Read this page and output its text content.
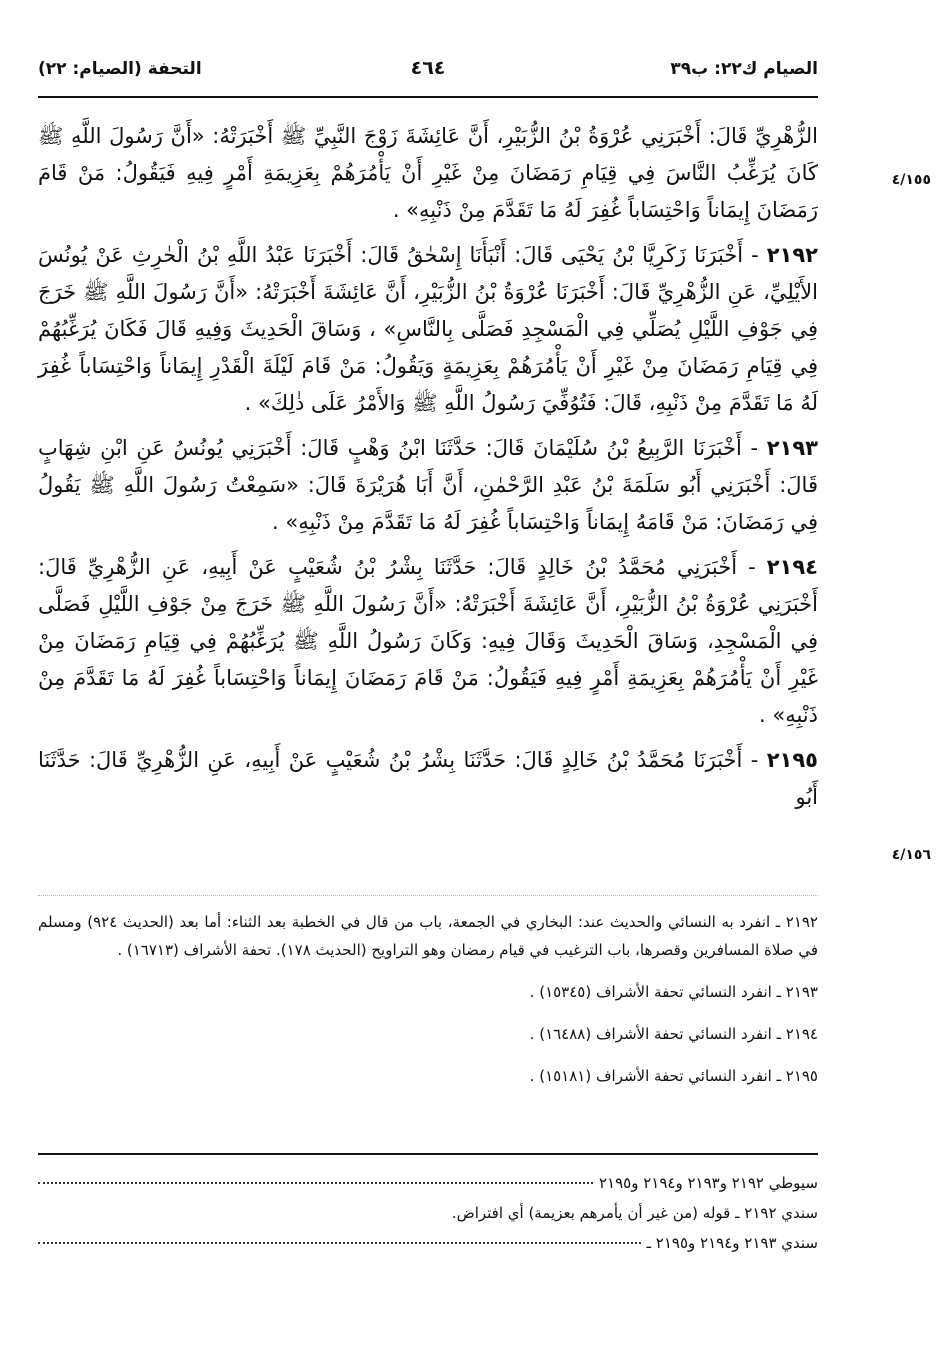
الصيام ك٢٢: ب٣٩
٤٦٤
التحفة (الصيام: ٢٢)
٤/١٥٥
٤/١٥٦

الزُّهْرِيِّ قَالَ: أَخْبَرَنِي عُرْوَةُ بْنُ الزُّبَيْرِ، أَنَّ عَائِشَةَ زَوْجَ النَّبِيِّ ﷺ أَخْبَرَتْهُ: «أَنَّ رَسُولَ اللَّهِ ﷺ كَانَ يُرَغِّبُ النَّاسَ فِي قِيَامِ رَمَضَانَ مِنْ غَيْرِ أَنْ يَأْمُرَهُمْ بِعَزِيمَةِ أَمْرٍ فِيهِ فَيَقُولُ: مَنْ قَامَ رَمَضَانَ إِيمَاناً وَاحْتِسَاباً غُفِرَ لَهُ مَا تَقَدَّمَ مِنْ ذَنْبِهِ» .

٢١٩٢ - أَخْبَرَنَا زَكَرِيَّا بْنُ يَحْيَى قَالَ: أَنْبَأَنَا إِسْحٰقُ قَالَ: أَخْبَرَنَا عَبْدُ اللَّهِ بْنُ الْحٰرِثِ عَنْ يُونُسَ الأَيْلِيِّ، عَنِ الزُّهْرِيِّ قَالَ: أَخْبَرَنَا عُرْوَةُ بْنُ الزُّبَيْرِ، أَنَّ عَائِشَةَ أَخْبَرَتْهُ: «أَنَّ رَسُولَ اللَّهِ ﷺ خَرَجَ فِي جَوْفِ اللَّيْلِ يُصَلِّي فِي الْمَسْجِدِ فَصَلَّى بِالنَّاسِ» ، وَسَاقَ الْحَدِيثَ وَفِيهِ قَالَ فَكَانَ يُرَغِّبُهُمْ فِي قِيَامِ رَمَضَانَ مِنْ غَيْرِ أَنْ يَأْمُرَهُمْ بِعَزِيمَةٍ وَيَقُولُ: مَنْ قَامَ لَيْلَةَ الْقَدْرِ إِيمَاناً وَاحْتِسَاباً غُفِرَ لَهُ مَا تَقَدَّمَ مِنْ ذَنْبِهِ، قَالَ: فَتُوُفِّيَ رَسُولُ اللَّهِ ﷺ وَالأَمْرُ عَلَى ذٰلِكَ» .

٢١٩٣ - أَخْبَرَنَا الرَّبِيعُ بْنُ سُلَيْمَانَ قَالَ: حَدَّثَنَا ابْنُ وَهْبٍ قَالَ: أَخْبَرَنِي يُونُسُ عَنِ ابْنِ شِهَابٍ قَالَ: أَخْبَرَنِي أَبُو سَلَمَةَ بْنُ عَبْدِ الرَّحْمٰنِ، أَنَّ أَبَا هُرَيْرَةَ قَالَ: «سَمِعْتُ رَسُولَ اللَّهِ ﷺ يَقُولُ فِي رَمَضَانَ: مَنْ قَامَهُ إِيمَاناً وَاحْتِسَاباً غُفِرَ لَهُ مَا تَقَدَّمَ مِنْ ذَنْبِهِ» .

٢١٩٤ - أَخْبَرَنِي مُحَمَّدُ بْنُ خَالِدٍ قَالَ: حَدَّثَنَا بِشْرُ بْنُ شُعَيْبٍ عَنْ أَبِيهِ، عَنِ الزُّهْرِيِّ قَالَ: أَخْبَرَنِي عُرْوَةُ بْنُ الزُّبَيْرِ، أَنَّ عَائِشَةَ أَخْبَرَتْهُ: «أَنَّ رَسُولَ اللَّهِ ﷺ خَرَجَ مِنْ جَوْفِ اللَّيْلِ فَصَلَّى فِي الْمَسْجِدِ، وَسَاقَ الْحَدِيثَ وَقَالَ فِيهِ: وَكَانَ رَسُولُ اللَّهِ ﷺ يُرَغِّبُهُمْ فِي قِيَامِ رَمَضَانَ مِنْ غَيْرِ أَنْ يَأْمُرَهُمْ بِعَزِيمَةِ أَمْرٍ فِيهِ فَيَقُولُ: مَنْ قَامَ رَمَضَانَ إِيمَاناً وَاحْتِسَاباً غُفِرَ لَهُ مَا تَقَدَّمَ مِنْ ذَنْبِهِ» .

٢١٩٥ - أَخْبَرَنَا مُحَمَّدُ بْنُ خَالِدٍ قَالَ: حَدَّثَنَا بِشْرُ بْنُ شُعَيْبٍ عَنْ أَبِيهِ، عَنِ الزُّهْرِيِّ قَالَ: حَدَّثَنَا أَبُو

٢١٩٢ ـ انفرد به النسائي والحديث عند: البخاري في الجمعة، باب من قال في الخطبة بعد الثناء: أما بعد (الحديث ٩٢٤) ومسلم في صلاة المسافرين وقصرها، باب الترغيب في قيام رمضان وهو التراويح (الحديث ١٧٨). تحفة الأشراف (١٦٧١٣) .

٢١٩٣ ـ انفرد النسائي تحفة الأشراف (١٥٣٤٥) .

٢١٩٤ ـ انفرد النسائي تحفة الأشراف (١٦٤٨٨) .

٢١٩٥ ـ انفرد النسائي تحفة الأشراف (١٥١٨١) .

سيوطي ٢١٩٢ و٢١٩٣ و٢١٩٤ و٢١٩٥
سندي ٢١٩٢ ـ قوله (من غير أن يأمرهم بعزيمة) أي افتراض.
سندي ٢١٩٣ و٢١٩٤ و٢١٩٥ ـ
